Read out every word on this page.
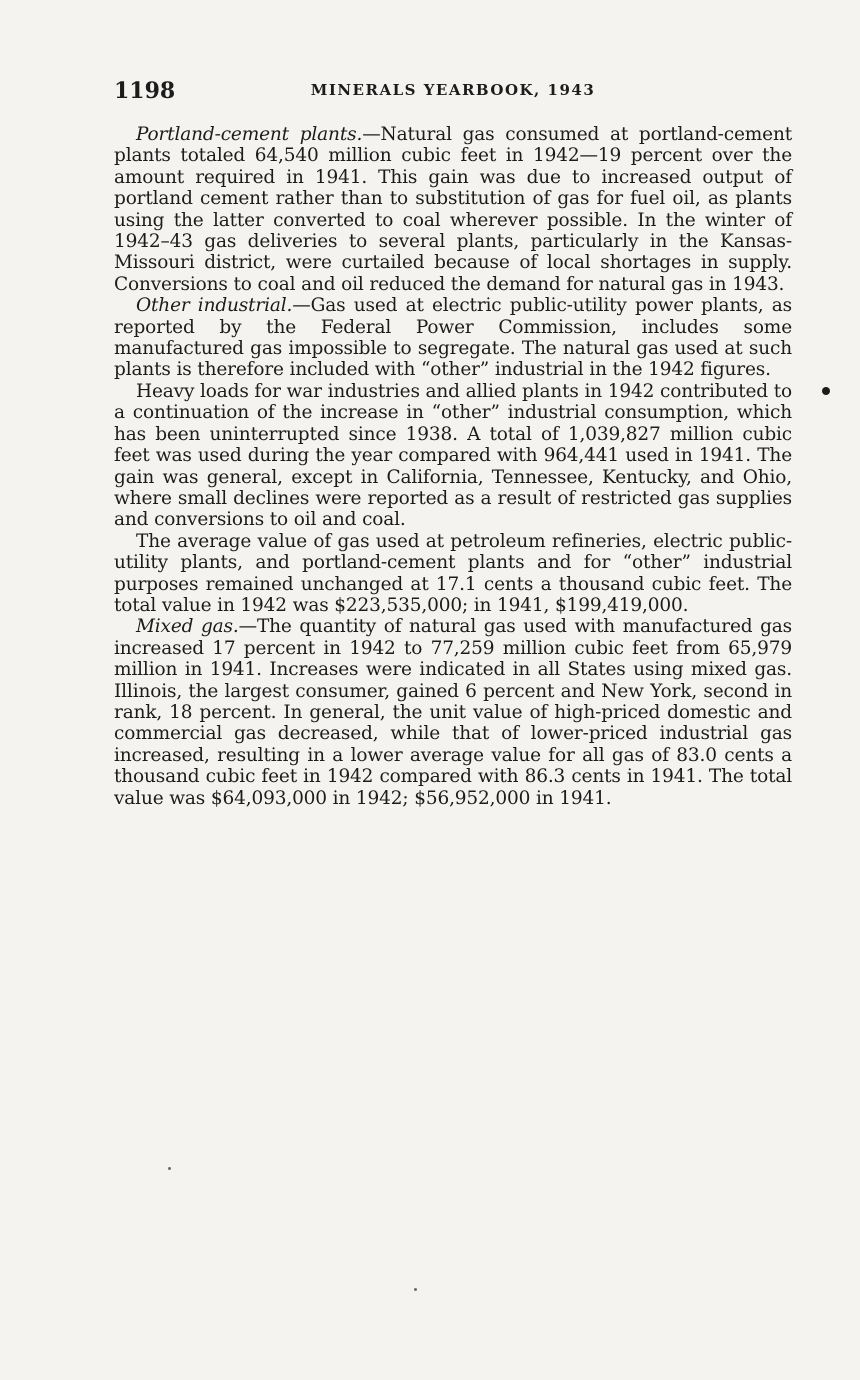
1198	MINERALS YEARBOOK, 1943

Portland-cement plants.—Natural gas consumed at portland-cement plants totaled 64,540 million cubic feet in 1942—19 percent over the amount required in 1941. This gain was due to increased output of portland cement rather than to substitution of gas for fuel oil, as plants using the latter converted to coal wherever possible. In the winter of 1942–43 gas deliveries to several plants, particularly in the Kansas-Missouri district, were curtailed because of local shortages in supply. Conversions to coal and oil reduced the demand for natural gas in 1943.

Other industrial.—Gas used at electric public-utility power plants, as reported by the Federal Power Commission, includes some manufactured gas impossible to segregate. The natural gas used at such plants is therefore included with “other” industrial in the 1942 figures.

Heavy loads for war industries and allied plants in 1942 contributed to a continuation of the increase in “other” industrial consumption, which has been uninterrupted since 1938. A total of 1,039,827 million cubic feet was used during the year compared with 964,441 used in 1941. The gain was general, except in California, Tennessee, Kentucky, and Ohio, where small declines were reported as a result of restricted gas supplies and conversions to oil and coal.

The average value of gas used at petroleum refineries, electric public-utility plants, and portland-cement plants and for “other” industrial purposes remained unchanged at 17.1 cents a thousand cubic feet. The total value in 1942 was $223,535,000; in 1941, $199,419,000.

Mixed gas.—The quantity of natural gas used with manufactured gas increased 17 percent in 1942 to 77,259 million cubic feet from 65,979 million in 1941. Increases were indicated in all States using mixed gas. Illinois, the largest consumer, gained 6 percent and New York, second in rank, 18 percent. In general, the unit value of high-priced domestic and commercial gas decreased, while that of lower-priced industrial gas increased, resulting in a lower average value for all gas of 83.0 cents a thousand cubic feet in 1942 compared with 86.3 cents in 1941. The total value was $64,093,000 in 1942; $56,952,000 in 1941.
